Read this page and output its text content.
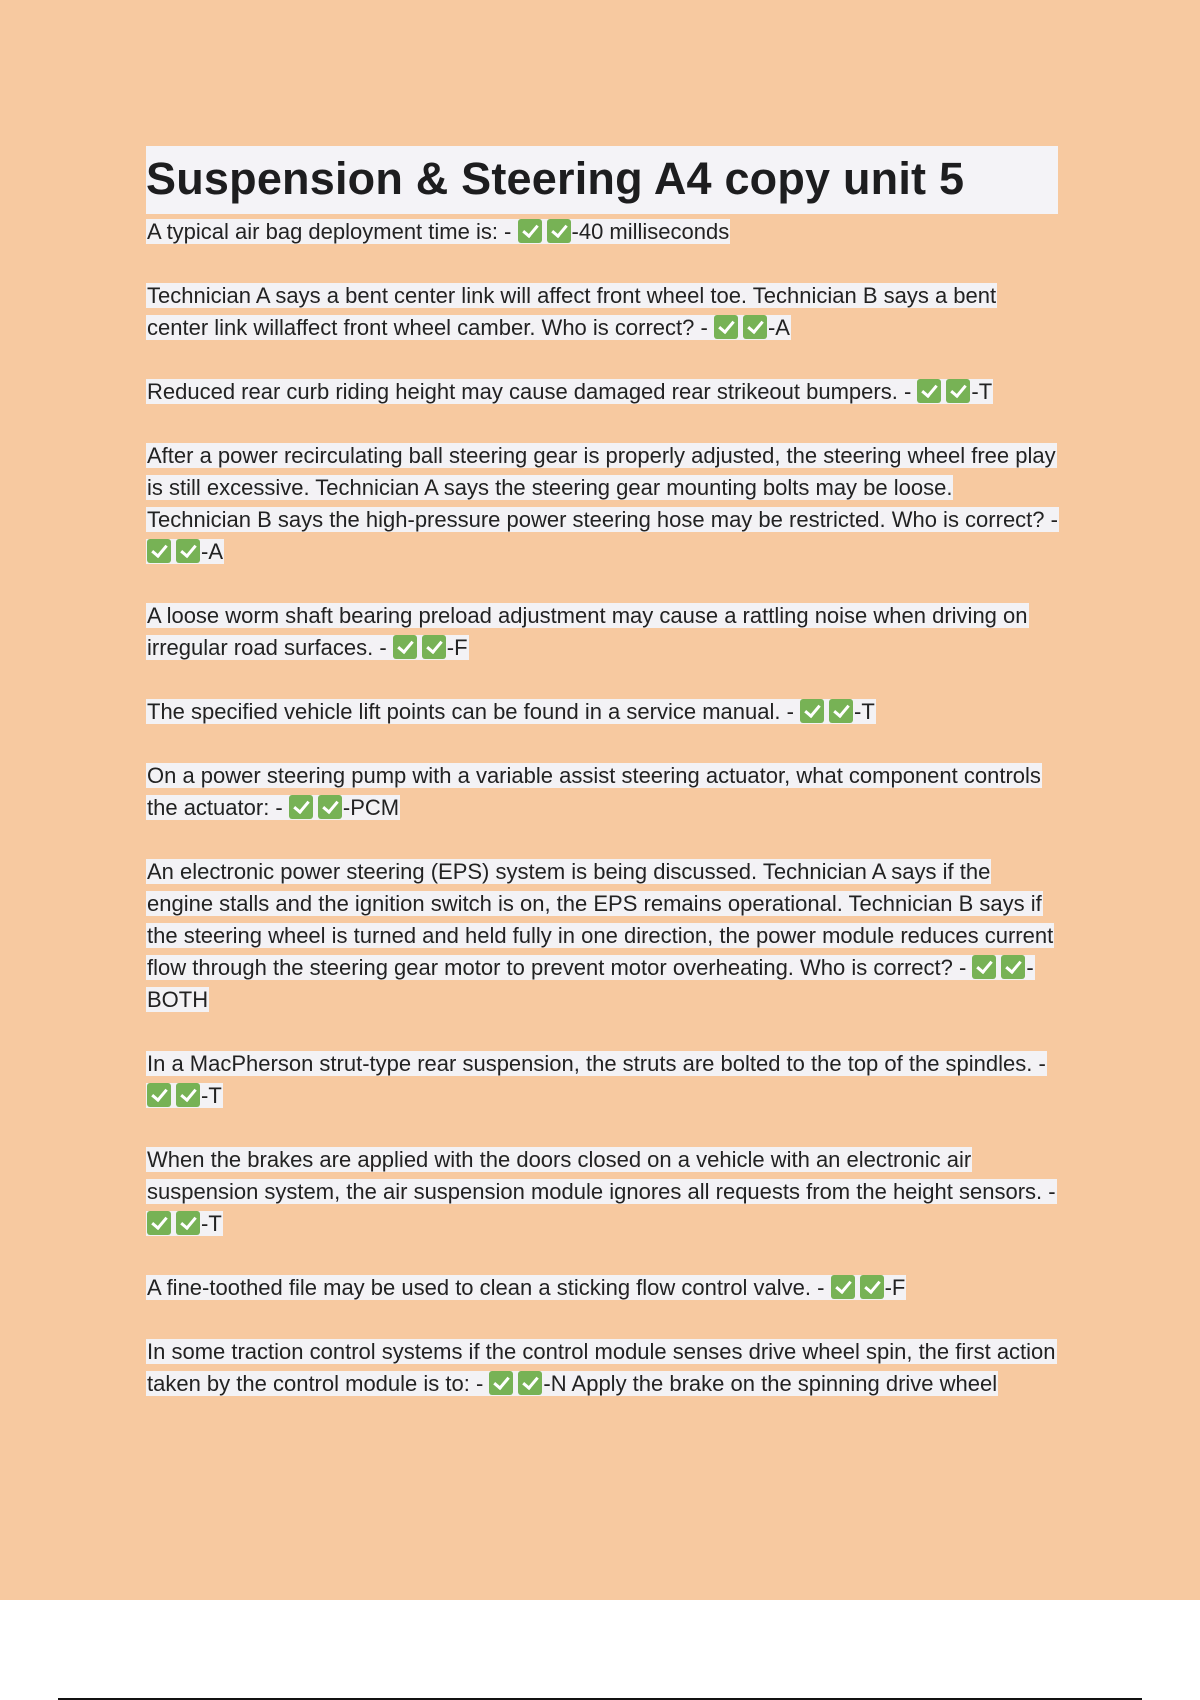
Suspension & Steering A4 copy unit 5

A typical air bag deployment time is: -	-40 milliseconds

Technician A says a bent center link will affect front wheel toe. Technician B says a bent center link willaffect front wheel camber. Who is correct? -	-A

Reduced rear curb riding height may cause damaged rear strikeout bumpers. -	-T

After a power recirculating ball steering gear is properly adjusted, the steering wheel free play is still excessive. Technician A says the steering gear mounting bolts may be loose. Technician B says the high-pressure power steering hose may be restricted. Who is correct? - -A

A loose worm shaft bearing preload adjustment may cause a rattling noise when driving on irregular road surfaces. -	-F

The specified vehicle lift points can be found in a service manual. -	-T

On a power steering pump with a variable assist steering actuator, what component controls the actuator: -	-PCM

An electronic power steering (EPS) system is being discussed. Technician A says if the engine stalls and the ignition switch is on, the EPS remains operational. Technician B says if the steering wheel is turned and held fully in one direction, the power module reduces current flow through the steering gear motor to prevent motor overheating. Who is correct? -	-BOTH

In a MacPherson strut-type rear suspension, the struts are bolted to the top of the spindles. - -T

When the brakes are applied with the doors closed on a vehicle with an electronic air suspension system, the air suspension module ignores all requests from the height sensors. - -T

A fine-toothed file may be used to clean a sticking flow control valve. -	-F

In some traction control systems if the control module senses drive wheel spin, the first action taken by the control module is to: -	-N Apply the brake on the spinning drive wheel
